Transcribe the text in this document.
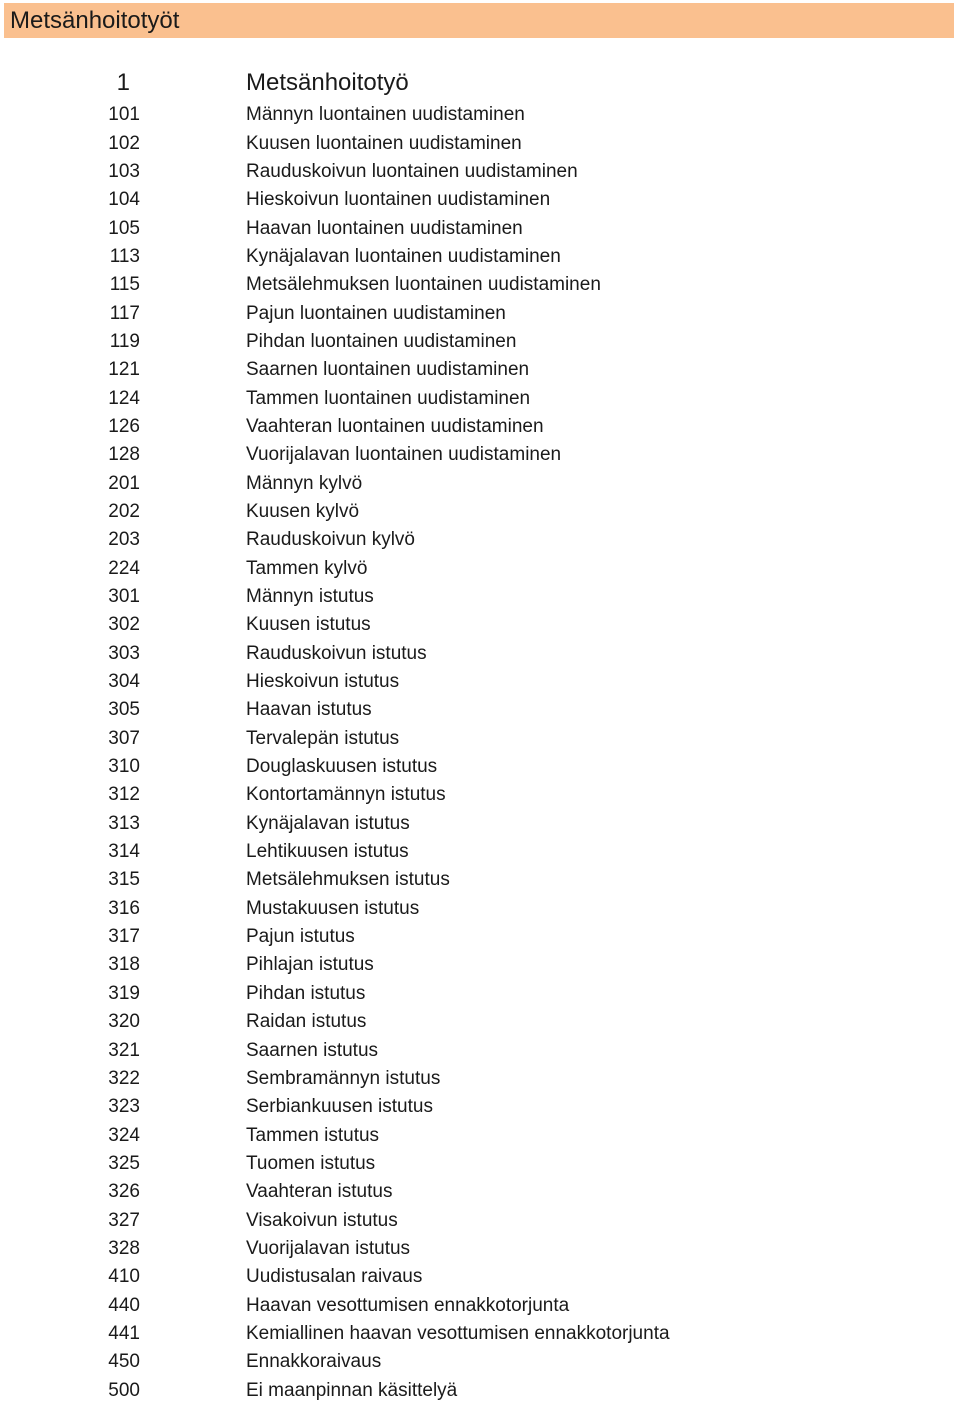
Metsänhoitotyöt
1	Metsänhoitotyö
101	Männyn luontainen uudistaminen
102	Kuusen luontainen uudistaminen
103	Rauduskoivun luontainen uudistaminen
104	Hieskoivun luontainen uudistaminen
105	Haavan luontainen uudistaminen
113	Kynäjalavan luontainen uudistaminen
115	Metsälehmuksen luontainen uudistaminen
117	Pajun luontainen uudistaminen
119	Pihdan luontainen uudistaminen
121	Saarnen luontainen uudistaminen
124	Tammen luontainen uudistaminen
126	Vaahteran luontainen uudistaminen
128	Vuorijalavan luontainen uudistaminen
201	Männyn kylvö
202	Kuusen kylvö
203	Rauduskoivun kylvö
224	Tammen kylvö
301	Männyn istutus
302	Kuusen istutus
303	Rauduskoivun istutus
304	Hieskoivun istutus
305	Haavan istutus
307	Tervalepän istutus
310	Douglaskuusen istutus
312	Kontortamännyn istutus
313	Kynäjalavan istutus
314	Lehtikuusen istutus
315	Metsälehmuksen istutus
316	Mustakuusen istutus
317	Pajun istutus
318	Pihlajan istutus
319	Pihdan istutus
320	Raidan istutus
321	Saarnen istutus
322	Sembramännyn istutus
323	Serbiankuusen istutus
324	Tammen istutus
325	Tuomen istutus
326	Vaahteran istutus
327	Visakoivun istutus
328	Vuorijalavan istutus
410	Uudistusalan raivaus
440	Haavan vesottumisen ennakkotorjunta
441	Kemiallinen haavan vesottumisen ennakkotorjunta
450	Ennakkoraivaus
500	Ei maanpinnan käsittelyä
